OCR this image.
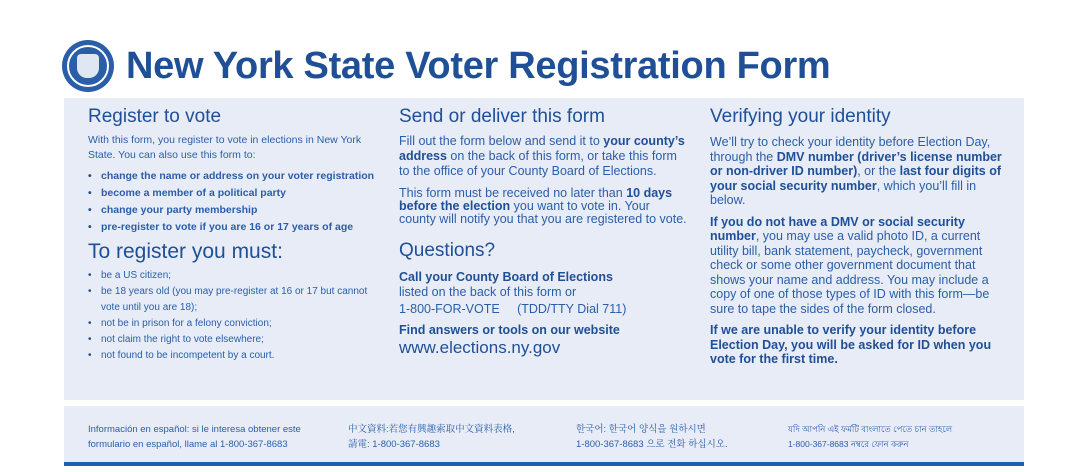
New York State Voter Registration Form
Register to vote
With this form, you register to vote in elections in New York State. You can also use this form to:
• change the name or address on your voter registration
• become a member of a political party
• change your party membership
• pre-register to vote if you are 16 or 17 years of age
To register you must:
• be a US citizen;
• be 18 years old (you may pre-register at 16 or 17 but cannot vote until you are 18);
• not be in prison for a felony conviction;
• not claim the right to vote elsewhere;
• not found to be incompetent by a court.
Send or deliver this form
Fill out the form below and send it to your county’s address on the back of this form, or take this form to the office of your County Board of Elections.
This form must be received no later than 10 days before the election you want to vote in. Your county will notify you that you are registered to vote.
Questions?
Call your County Board of Elections
listed on the back of this form or
1-800-FOR-VOTE     (TDD/TTY Dial 711)
Find answers or tools on our website
www.elections.ny.gov
Verifying your identity
We’ll try to check your identity before Election Day, through the DMV number (driver’s license number or non-driver ID number), or the last four digits of your social security number, which you’ll fill in below.
If you do not have a DMV or social security number, you may use a valid photo ID, a current utility bill, bank statement, paycheck, government check or some other government document that shows your name and address. You may include a copy of one of those types of ID with this form—be sure to tape the sides of the form closed.
If we are unable to verify your identity before Election Day, you will be asked for ID when you vote for the first time.
Información en español: si le interesa obtener este
formulario en español, llame al 1-800-367-8683
中文資料:若您有興趣索取中文資料表格,
請電: 1-800-367-8683
한국어: 한국어 양식을 원하시면
1-800-367-8683 으로 전화 하십시오.
যদি আপনি এই ফর্মটি বাংলাতে পেতে চান তাহলে
1-800-367-8683 নম্বরে ফোন করুন
